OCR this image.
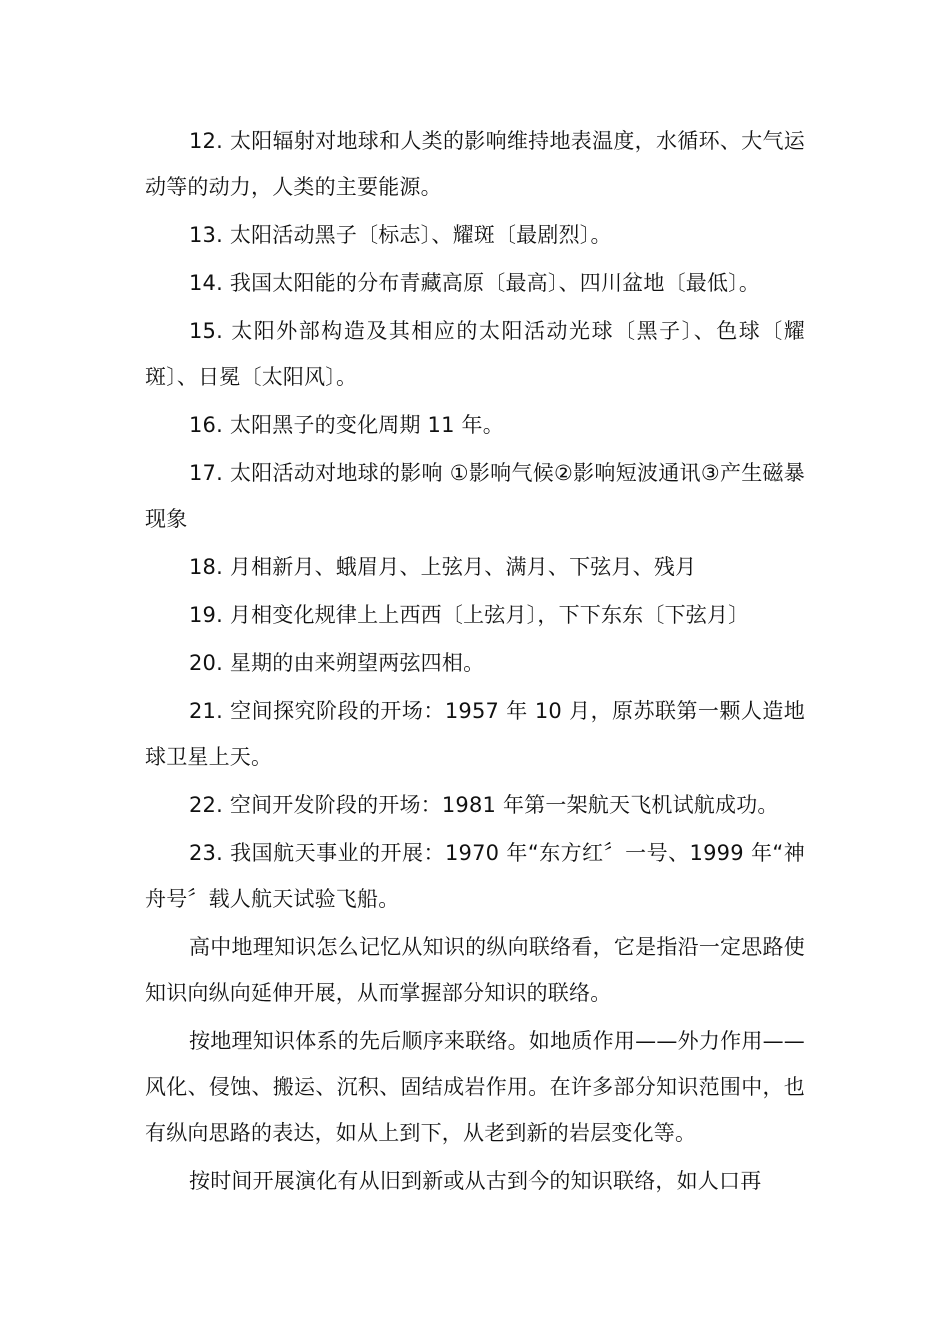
12. 太阳辐射对地球和人类的影响维持地表温度，水循环、大气运动等的动力，人类的主要能源。

13. 太阳活动黑子〔标志〕、耀斑〔最剧烈〕。

14. 我国太阳能的分布青藏高原〔最高〕、四川盆地〔最低〕。

15. 太阳外部构造及其相应的太阳活动光球〔黑子〕、色球〔耀斑〕、日冕〔太阳风〕。

16. 太阳黑子的变化周期 11 年。

17. 太阳活动对地球的影响 ①影响气候②影响短波通讯③产生磁暴现象

18. 月相新月、蛾眉月、上弦月、满月、下弦月、残月

19. 月相变化规律上上西西〔上弦月〕，下下东东〔下弦月〕

20. 星期的由来朔望两弦四相。

21. 空间探究阶段的开场：1957 年 10 月，原苏联第一颗人造地球卫星上天。

22. 空间开发阶段的开场：1981 年第一架航天飞机试航成功。

23. 我国航天事业的开展：1970 年“东方红〞一号、1999 年“神舟号〞载人航天试验飞船。

高中地理知识怎么记忆从知识的纵向联络看，它是指沿一定思路使知识向纵向延伸开展，从而掌握部分知识的联络。

按地理知识体系的先后顺序来联络。如地质作用——外力作用——风化、侵蚀、搬运、沉积、固结成岩作用。在许多部分知识范围中，也有纵向思路的表达，如从上到下，从老到新的岩层变化等。

按时间开展演化有从旧到新或从古到今的知识联络，如人口再
